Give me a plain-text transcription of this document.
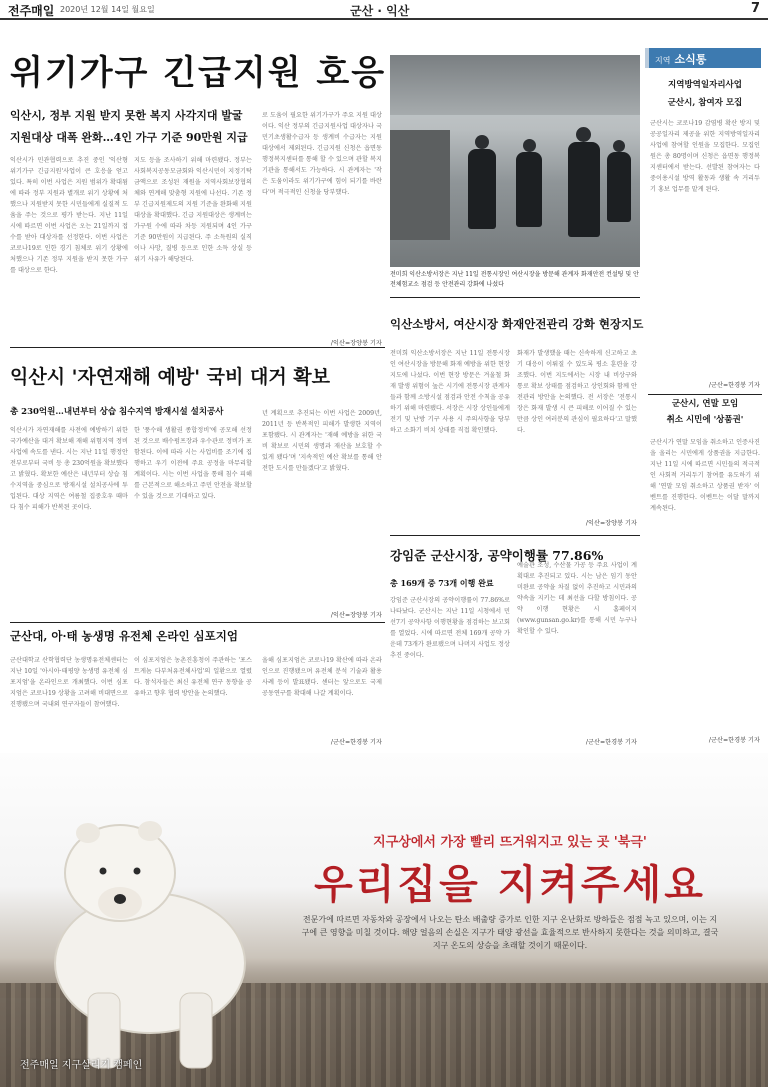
전주매일 2020년 12월 14일 월요일	군산 · 익산	7
위기가구 긴급지원 호응
익산시, 정부 지원 받지 못한 복지 사각지대 발굴
지원대상 대폭 완화…4인 가구 기준 90만원 지급
익산시가 민관협력으로 추진 중인 '익산형 위기가구 긴급지원'사업이 큰 호응을 얻고 있다. 특히 이번 사업은 지원 범위가 확대됨에 따라 정부 지원과 별개로 위기 상황에 처했으나 지원받지 못한 시민들에게 실질적 도움을 주는 것으로 평가 받는다. 지난 11일 시에 따르면 이번 사업은 오는 21일까지 접수를 받아 대상자를 선정한다. 이번 사업은 코로나19로 인한 경기 침체로 위기 상황에 처했으나 기존 정부 지원을 받지 못한 가구를 대상으로 한다.
지도 등을 조사하기 위해 마련됐다. 정부는 사회복지공동모금회와 익산시민이 지정기탁 금액으로 조성된 재원을 지역사회보장협의체와 연계해 맞춤형 지원에 나선다. 기존 정부 긴급지원제도의 지원 기준을 완화해 지원 대상을 확대했다. 긴급 지원대상은 생계비는 가구원 수에 따라 차등 지원되며 4인 가구 기준 90만원이 지급된다. 주 소득원의 실직이나 사망, 질병 등으로 인한 소득 상실 등 위기 사유가 해당된다.
로 도움이 필요한 위기가구가 주요 지원 대상이다. 익산 정부의 긴급지원사업 대상자나 국민기초생활수급자 등 생계비 수급자는 지원 대상에서 제외된다. 긴급지원 신청은 읍면동 행정복지센터를 통해 할 수 있으며 관할 복지기관을 통해서도 가능하다. 시 관계자는 '작은 도움이라도 위기가구에 힘이 되기를 바란다'며 적극적인 신청을 당부했다.
/익산=장양봉 기자
전미희 익산소방서장은 지난 11일 전통시장인 여산시장을 방문해 관계자 화재안전 컨설팅 및 안전체험교소 점검 등 안전관리 강화에 나섰다
익산소방서, 여산시장 화재안전관리 강화 현장지도
전미희 익산소방서장은 지난 11일 전통시장인 여산시장을 방문해 화재 예방을 위한 현장 지도에 나섰다. 이번 현장 방문은 겨울철 화재 발생 위험이 높은 시기에 전통시장 관계자들과 함께 소방시설 점검과 안전 수칙을 공유하기 위해 마련됐다. 서장은 시장 상인들에게 전기 및 난방 기구 사용 시 주의사항을 당부하고 소화기 비치 상태를 직접 확인했다.
화재가 발생했을 때는 신속하게 신고하고 초기 대응이 이뤄질 수 있도록 평소 훈련을 강조했다. 이번 지도에서는 시장 내 비상구와 통로 확보 상태를 점검하고 상인회와 함께 안전관리 방안을 논의했다. 전 서장은 '전통시장은 화재 발생 시 큰 피해로 이어질 수 있는 만큼 상인 여러분의 관심이 필요하다'고 말했다.
/익산=장양봉 기자
익산시 '자연재해 예방' 국비 대거 확보
총 230억원…내년부터 상습 침수지역 방재시설 설치공사
익산시가 자연재해를 사전에 예방하기 위한 국가예산을 대거 확보해 재해 위험지역 정비사업에 속도를 낸다. 시는 지난 11일 행정안전부로부터 국비 등 총 230억원을 확보했다고 밝혔다. 확보한 예산은 내년부터 상습 침수지역을 중심으로 방재시설 설치공사에 투입된다. 대상 지역은 여름철 집중호우 때마다 침수 피해가 반복된 곳이다.
한 '풍수해 생활권 종합정비'에 공모해 선정된 것으로 배수펌프장과 우수관로 정비가 포함된다. 이에 따라 시는 사업비를 조기에 집행하고 우기 이전에 주요 공정을 마무리할 계획이다. 시는 이번 사업을 통해 침수 피해를 근본적으로 해소하고 주민 안전을 확보할 수 있을 것으로 기대하고 있다.
년 계획으로 추진되는 이번 사업은 2009년, 2011년 등 반복적인 피해가 발생한 지역이 포함됐다. 시 관계자는 '재해 예방을 위한 국비 확보로 시민의 생명과 재산을 보호할 수 있게 됐다'며 '지속적인 예산 확보를 통해 안전한 도시를 만들겠다'고 밝혔다.
/익산=장양봉 기자
강임준 군산시장, 공약이행률 77.86%
총 169개 중 73개 이행 완료
강임준 군산시장의 공약이행률이 77.86%로 나타났다. 군산시는 지난 11일 시청에서 민선7기 공약사항 이행현황을 점검하는 보고회를 열었다. 시에 따르면 전체 169개 공약 가운데 73개가 완료됐으며 나머지 사업도 정상 추진 중이다.
예술관 조성, 수산물 가공 등 주요 사업이 계획대로 추진되고 있다. 시는 남은 임기 동안 미완료 공약을 차질 없이 추진하고 시민과의 약속을 지키는 데 최선을 다할 방침이다. 공약 이행 현황은 시 홈페이지(www.gunsan.go.kr)를 통해 시민 누구나 확인할 수 있다.
/군산=한경봉 기자
군산대, 아·태 농생명 유전체 온라인 심포지엄
군산대학교 산학협력단 농생명유전체센터는 지난 10일 '아시아·태평양 농생명 유전체 심포지엄'을 온라인으로 개최했다. 이번 심포지엄은 코로나19 상황을 고려해 비대면으로 진행됐으며 국내외 연구자들이 참여했다.
이 심포지엄은 농촌진흥청이 주관하는 '포스트게놈 다부처유전체사업'의 일환으로 열렸다. 참석자들은 최신 유전체 연구 동향을 공유하고 향후 협력 방안을 논의했다.
올해 심포지엄은 코로나19 확산에 따라 온라인으로 진행됐으며 유전체 분석 기술과 활용 사례 등이 발표됐다. 센터는 앞으로도 국제 공동연구를 확대해 나갈 계획이다.
/군산=한경봉 기자
지역 소식통
지역방역일자리사업
군산시, 참여자 모집
군산시는 코로나19 감염병 확산 방지 및 공공일자리 제공을 위한 지역방역일자리사업에 참여할 인원을 모집한다. 모집인원은 총 80명이며 신청은 읍면동 행정복지센터에서 받는다. 선발된 참여자는 다중이용시설 방역 활동과 생활 속 거리두기 홍보 업무를 맡게 된다.
/군산=한경봉 기자
군산시, 연말 모임
취소 시민에 '상품권'
군산시가 연말 모임을 취소하고 인증사진을 올리는 시민에게 상품권을 지급한다. 지난 11일 시에 따르면 시민들의 적극적인 사회적 거리두기 참여를 유도하기 위해 '연말 모임 취소하고 상품권 받자' 이벤트를 진행한다. 이벤트는 이달 말까지 계속된다.
/군산=한경봉 기자
지구상에서 가장 빨리 뜨거워지고 있는 곳 '북극'
우리집을 지켜주세요
전문가에 따르면 자동차와 공장에서 나오는 탄소 배출량 증가로 인한 지구 온난화로 방하들은 점점 녹고 있으며, 이는 지구에 큰 영향을 미칠 것이다. 해양 얼음의 손실은 지구가 태양 광선을 효율적으로 반사하지 못한다는 것을 의미하고, 결국 지구 온도의 상승을 초래할 것이기 때문이다.
전주매일 지구살리기 캠페인
